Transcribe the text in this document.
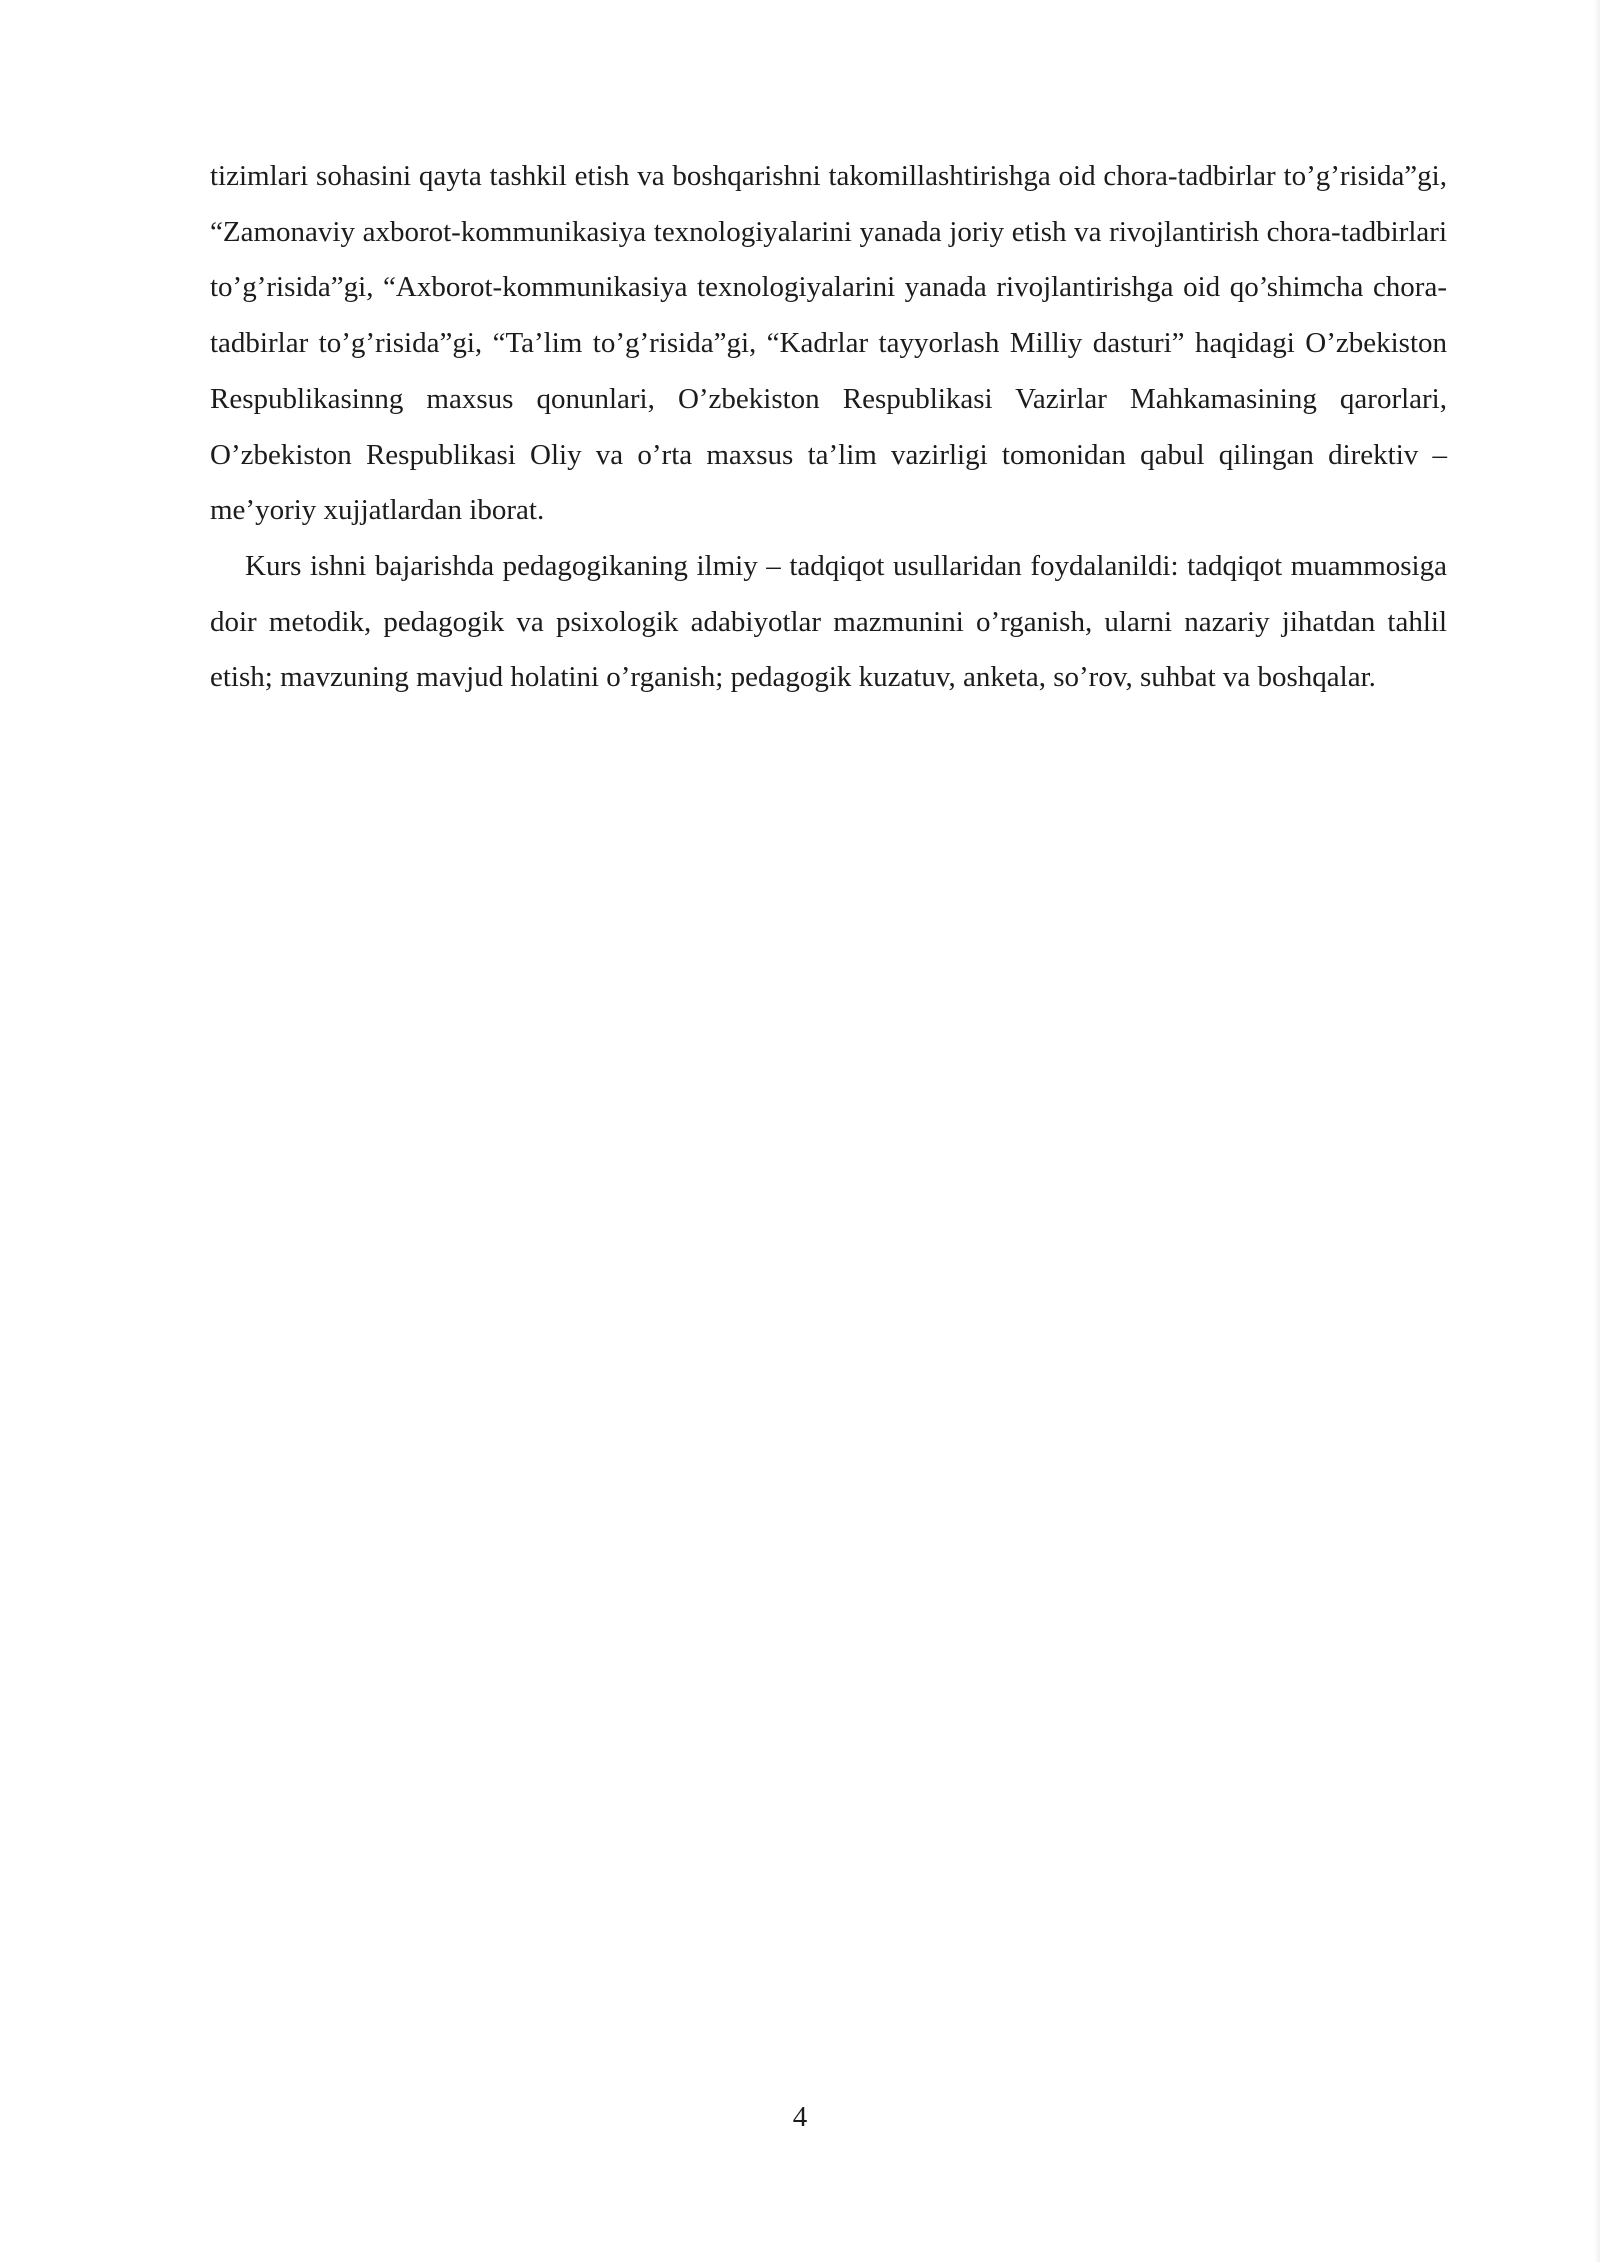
tizimlari sohasini qayta tashkil etish va boshqarishni takomillashtirishga oid chora-tadbirlar to’g’risida”gi, “Zamonaviy axborot-kommunikasiya texnologiyalarini yanada joriy etish va rivojlantirish chora-tadbirlari to’g’risida”gi, “Axborot-kommunikasiya texnologiyalarini yanada rivojlantirishga oid qo’shimcha chora-tadbirlar to’g’risida”gi, “Ta’lim to’g’risida”gi, “Kadrlar tayyorlash Milliy dasturi” haqidagi O’zbekiston Respublikasinng maxsus qonunlari, O’zbekiston Respublikasi Vazirlar Mahkamasining qarorlari, O’zbekiston Respublikasi Oliy va o’rta maxsus ta’lim vazirligi tomonidan qabul qilingan direktiv – me’yoriy xujjatlardan iborat.

Kurs ishni bajarishda pedagogikaning ilmiy – tadqiqot usullaridan foydalanildi: tadqiqot muammosiga doir metodik, pedagogik va psixologik adabiyotlar mazmunini o’rganish, ularni nazariy jihatdan tahlil etish; mavzuning mavjud holatini o’rganish; pedagogik kuzatuv, anketa, so’rov, suhbat va boshqalar.

4
